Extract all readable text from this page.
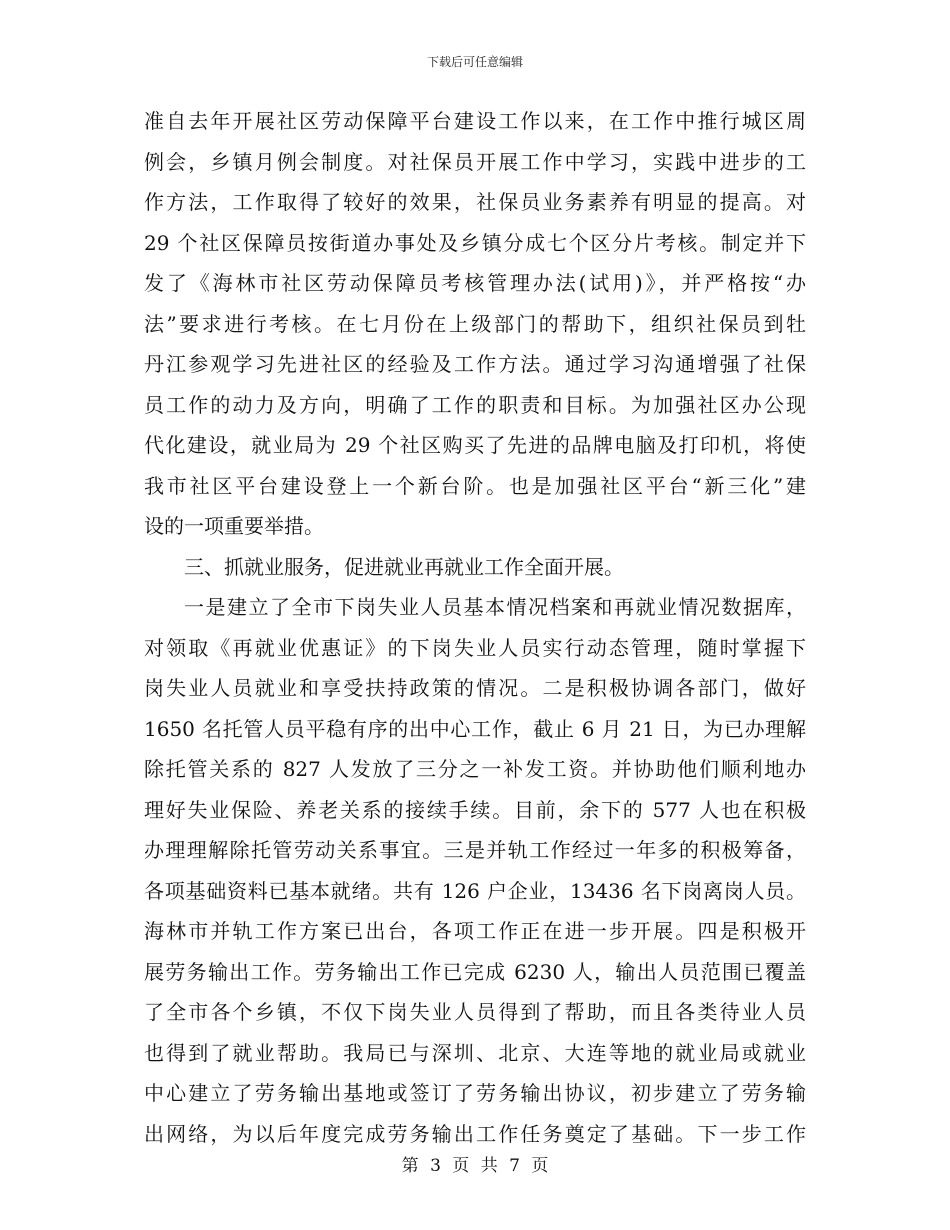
下载后可任意编辑
准自去年开展社区劳动保障平台建设工作以来，在工作中推行城区周
例会，乡镇月例会制度。对社保员开展工作中学习，实践中进步的工
作方法，工作取得了较好的效果，社保员业务素养有明显的提高。对
29 个社区保障员按街道办事处及乡镇分成七个区分片考核。制定并下
发了《海林市社区劳动保障员考核管理办法(试用)》，并严格按“办
法”要求进行考核。在七月份在上级部门的帮助下，组织社保员到牡
丹江参观学习先进社区的经验及工作方法。通过学习沟通增强了社保
员工作的动力及方向，明确了工作的职责和目标。为加强社区办公现
代化建设，就业局为 29 个社区购买了先进的品牌电脑及打印机，将使
我市社区平台建设登上一个新台阶。也是加强社区平台“新三化”建
设的一项重要举措。
三、抓就业服务，促进就业再就业工作全面开展。
一是建立了全市下岗失业人员基本情况档案和再就业情况数据库，
对领取《再就业优惠证》的下岗失业人员实行动态管理，随时掌握下
岗失业人员就业和享受扶持政策的情况。二是积极协调各部门，做好
1650 名托管人员平稳有序的出中心工作，截止 6 月 21 日，为已办理解
除托管关系的 827 人发放了三分之一补发工资。并协助他们顺利地办
理好失业保险、养老关系的接续手续。目前，余下的 577 人也在积极
办理理解除托管劳动关系事宜。三是并轨工作经过一年多的积极筹备，
各项基础资料已基本就绪。共有 126 户企业，13436 名下岗离岗人员。
海林市并轨工作方案已出台，各项工作正在进一步开展。四是积极开
展劳务输出工作。劳务输出工作已完成 6230 人，输出人员范围已覆盖
了全市各个乡镇，不仅下岗失业人员得到了帮助，而且各类待业人员
也得到了就业帮助。我局已与深圳、北京、大连等地的就业局或就业
中心建立了劳务输出基地或签订了劳务输出协议，初步建立了劳务输
出网络，为以后年度完成劳务输出工作任务奠定了基础。下一步工作
第 3 页 共 7 页
